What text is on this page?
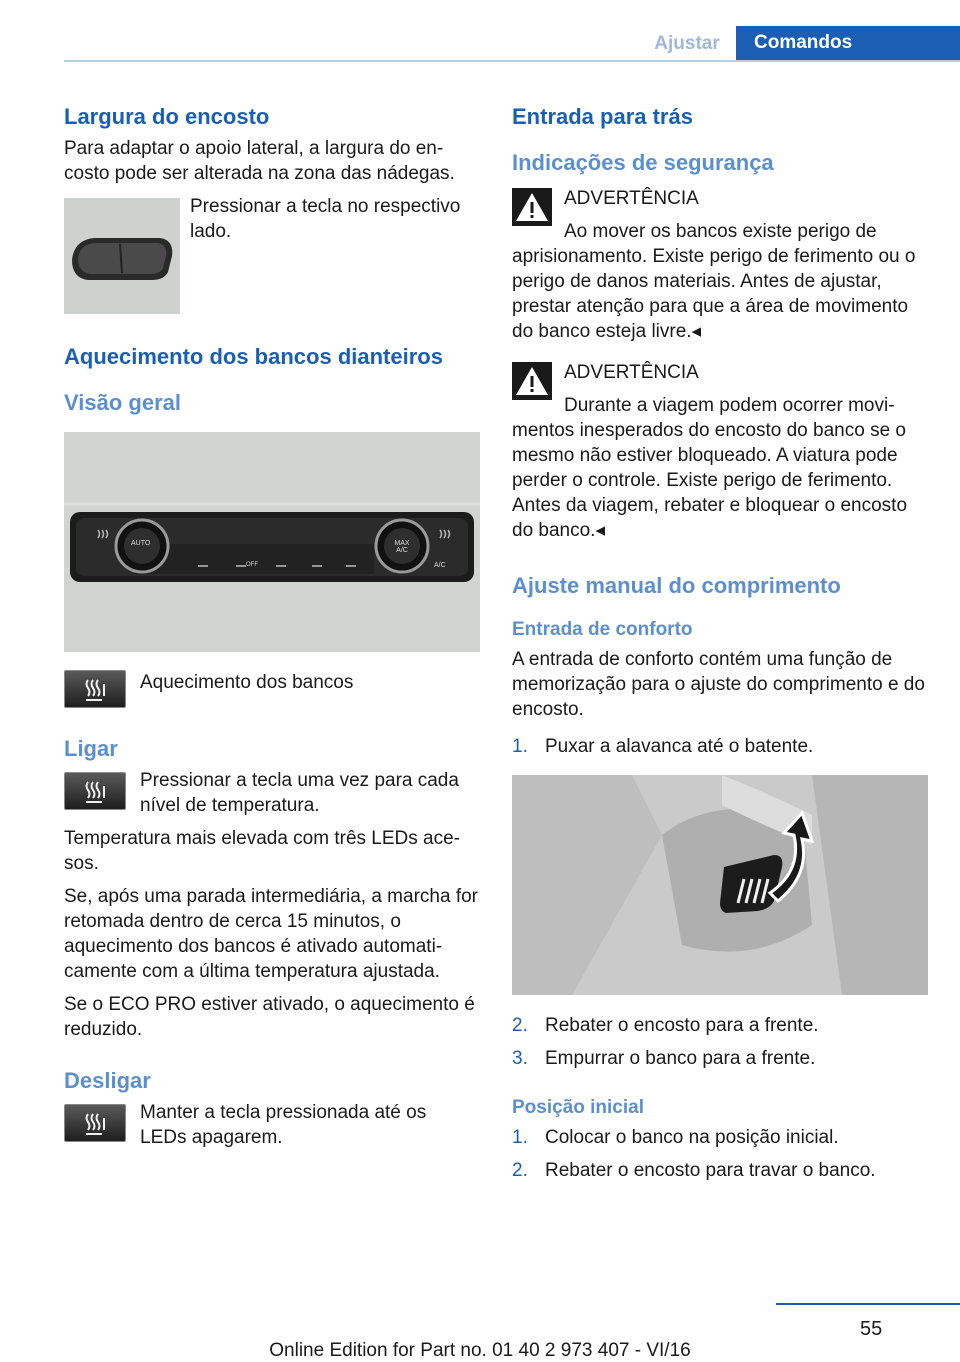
Ajustar	Comandos
Largura do encosto

Para adaptar o apoio lateral, a largura do en-costo pode ser alterada na zona das nádegas.

Pressionar a tecla no respectivo lado.
Aquecimento dos bancos dianteiros
Visão geral
AUTO	MAX A/C
A/C
OFF
Aquecimento dos bancos
Ligar
Pressionar a tecla uma vez para cada nível de temperatura.

Temperatura mais elevada com três LEDs ace-sos.

Se, após uma parada intermediária, a marcha for retomada dentro de cerca 15 minutos, o aquecimento dos bancos é ativado automati-camente com a última temperatura ajustada.

Se o ECO PRO estiver ativado, o aquecimento é reduzido.

Desligar
Manter a tecla pressionada até os LEDs apagarem.
Entrada para trás
Indicações de segurança
ADVERTÊNCIA

Ao mover os bancos existe perigo de aprisionamento. Existe perigo de ferimento ou o perigo de danos materiais. Antes de ajustar, prestar atenção para que a área de movimento do banco esteja livre.◂

ADVERTÊNCIA

Durante a viagem podem ocorrer movi-mentos inesperados do encosto do banco se o mesmo não estiver bloqueado. A viatura pode perder o controle. Existe perigo de ferimento. Antes da viagem, rebater e bloquear o encosto do banco.◂

Ajuste manual do comprimento
Entrada de conforto

A entrada de conforto contém uma função de memorização para o ajuste do comprimento e do encosto.

1. Puxar a alavanca até o batente.
2. Rebater o encosto para a frente.
3. Empurrar o banco para a frente.
Posição inicial
1. Colocar o banco na posição inicial.
2. Rebater o encosto para travar o banco.
55
Online Edition for Part no. 01 40 2 973 407 - VI/16
